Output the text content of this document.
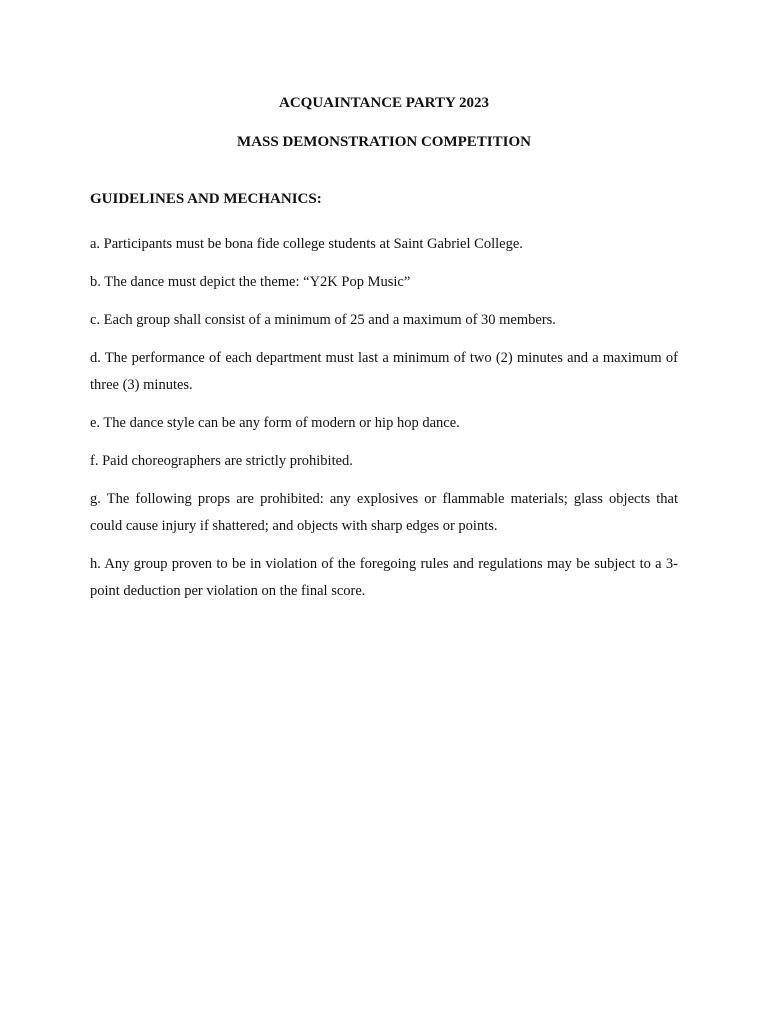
ACQUAINTANCE PARTY 2023
MASS DEMONSTRATION COMPETITION
GUIDELINES AND MECHANICS:
a. Participants must be bona fide college students at Saint Gabriel College.
b. The dance must depict the theme: “Y2K Pop Music”
c. Each group shall consist of a minimum of 25 and a maximum of 30 members.
d. The performance of each department must last a minimum of two (2) minutes and a maximum of three (3) minutes.
e. The dance style can be any form of modern or hip hop dance.
f. Paid choreographers are strictly prohibited.
g. The following props are prohibited: any explosives or flammable materials; glass objects that could cause injury if shattered; and objects with sharp edges or points.
h. Any group proven to be in violation of the foregoing rules and regulations may be subject to a 3-point deduction per violation on the final score.
